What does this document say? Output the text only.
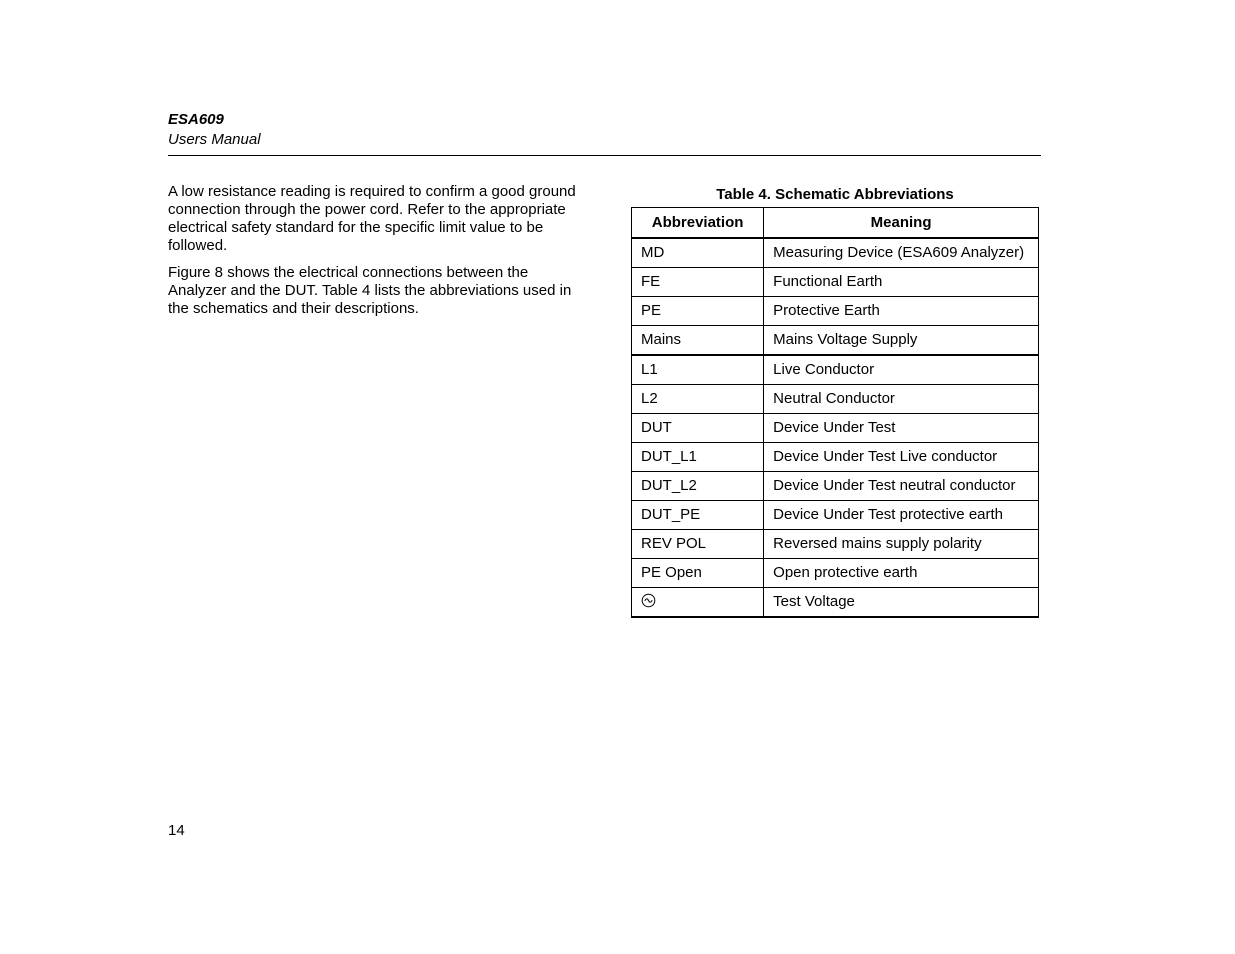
ESA609
Users Manual

A low resistance reading is required to confirm a good ground connection through the power cord. Refer to the appropriate electrical safety standard for the specific limit value to be followed.

Figure 8 shows the electrical connections between the Analyzer and the DUT. Table 4 lists the abbreviations used in the schematics and their descriptions.

Table 4. Schematic Abbreviations
Abbreviation	Meaning
MD	Measuring Device (ESA609 Analyzer)
FE	Functional Earth
PE	Protective Earth
Mains	Mains Voltage Supply
L1	Live Conductor
L2	Neutral Conductor
DUT	Device Under Test
DUT_L1	Device Under Test Live conductor
DUT_L2	Device Under Test neutral conductor
DUT_PE	Device Under Test protective earth
REV POL	Reversed mains supply polarity
PE Open	Open protective earth
	Test Voltage
14
